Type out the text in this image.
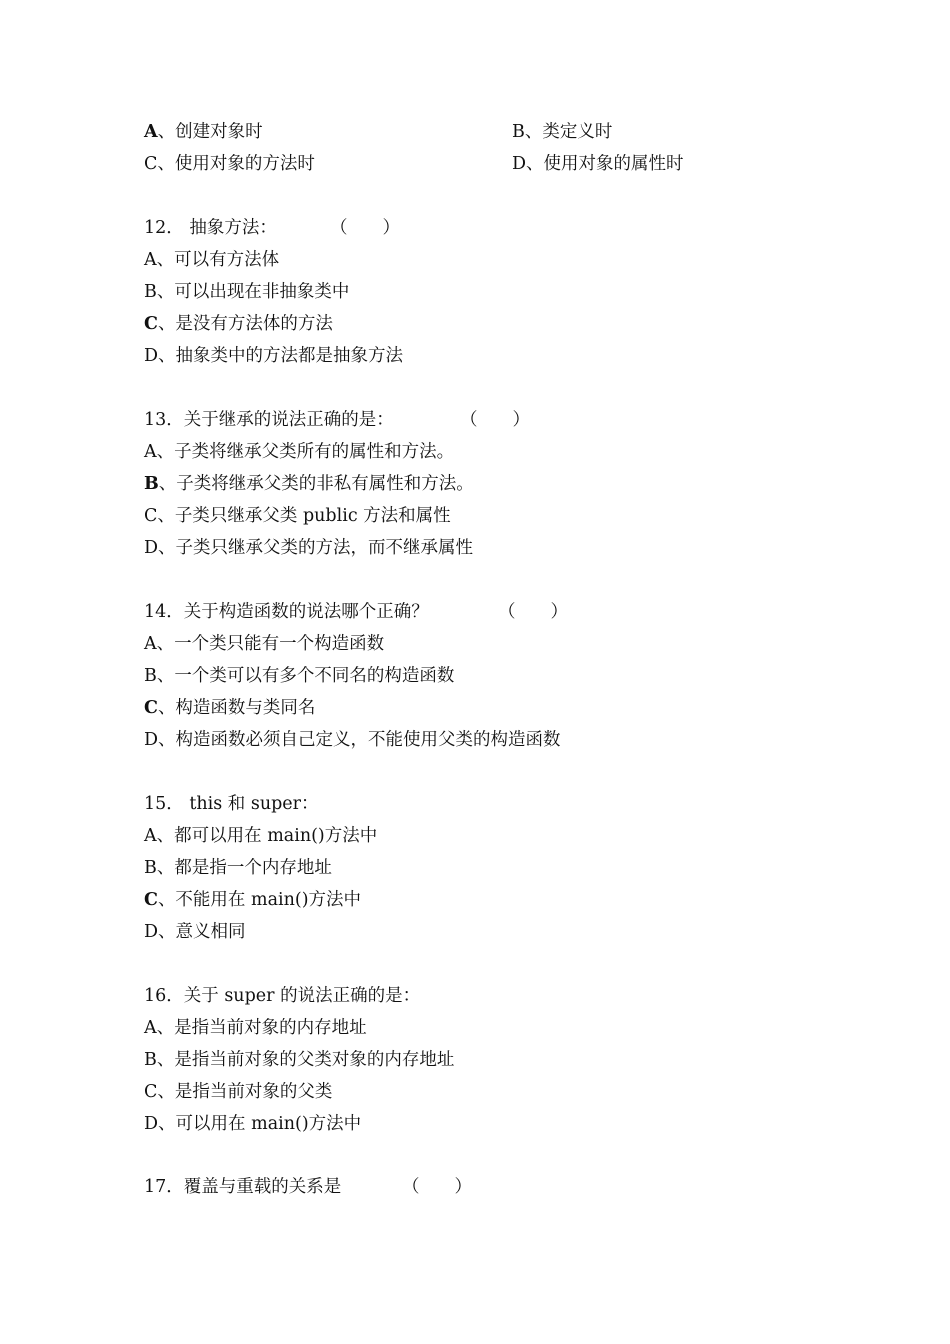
A、创建对象时	B、类定义时
C、使用对象的方法时	D、使用对象的属性时
12． 抽象方法：	（　　）
A、可以有方法体
B、可以出现在非抽象类中
C、是没有方法体的方法
D、抽象类中的方法都是抽象方法
13．关于继承的说法正确的是：	（　　）
A、子类将继承父类所有的属性和方法。
B、子类将继承父类的非私有属性和方法。
C、子类只继承父类 public 方法和属性
D、子类只继承父类的方法，而不继承属性
14．关于构造函数的说法哪个正确？	（　　）
A、一个类只能有一个构造函数
B、一个类可以有多个不同名的构造函数
C、构造函数与类同名
D、构造函数必须自己定义，不能使用父类的构造函数
15． this 和 super：
A、都可以用在 main()方法中
B、都是指一个内存地址
C、不能用在 main()方法中
D、意义相同
16．关于 super 的说法正确的是：
A、是指当前对象的内存地址
B、是指当前对象的父类对象的内存地址
C、是指当前对象的父类
D、可以用在 main()方法中
17．覆盖与重载的关系是	（　　）
